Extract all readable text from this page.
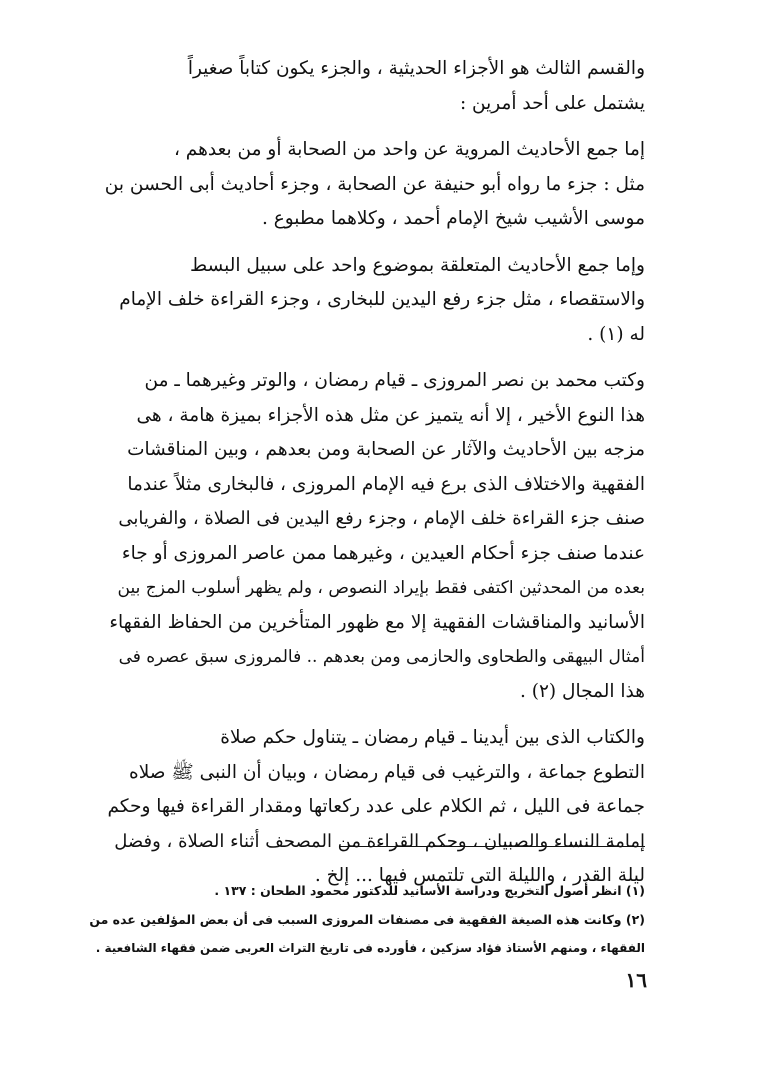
والقسم الثالث هو الأجزاء الحديثية ، والجزء يكون كتاباً صغيراً
يشتمل على أحد أمرين :

إما جمع الأحاديث المروية عن واحد من الصحابة أو من بعدهم ،
مثل : جزء ما رواه أبو حنيفة عن الصحابة ، وجزء أحاديث أبى الحسن بن
موسى الأشيب شيخ الإمام أحمد ، وكلاهما مطبوع .

وإما جمع الأحاديث المتعلقة بموضوع واحد على سبيل البسط
والاستقصاء ، مثل جزء رفع اليدين للبخارى ، وجزء القراءة خلف الإمام
له (١) .

وكتب محمد بن نصر المروزى ـ قيام رمضان ، والوتر وغيرهما ـ من
هذا النوع الأخير ، إلا أنه يتميز عن مثل هذه الأجزاء بميزة هامة ، هى
مزجه بين الأحاديث والآثار عن الصحابة ومن بعدهم ، وبين المناقشات
الفقهية والاختلاف الذى برع فيه الإمام المروزى ، فالبخارى مثلاً عندما
صنف جزء القراءة خلف الإمام ، وجزء رفع اليدين فى الصلاة ، والفريابى
عندما صنف جزء أحكام العيدين ، وغيرهما ممن عاصر المروزى أو جاء
بعده من المحدثين اكتفى فقط بإيراد النصوص ، ولم يظهر أسلوب المزج بين
الأسانيد والمناقشات الفقهية إلا مع ظهور المتأخرين من الحفاظ الفقهاء
أمثال البيهقى والطحاوى والحازمى ومن بعدهم .. فالمروزى سبق عصره فى
هذا المجال (٢) .

والكتاب الذى بين أيدينا ـ قيام رمضان ـ يتناول حكم صلاة
التطوع جماعة ، والترغيب فى قيام رمضان ، وبيان أن النبى ﷺ صلاه
جماعة فى الليل ، ثم الكلام على عدد ركعاتها ومقدار القراءة فيها وحكم
إمامة النساء والصبيان ، وحكم القراءة من المصحف أثناء الصلاة ، وفضل
ليلة القدر ، والليلة التى تلتمس فيها ... إلخ .

(١) انظر أصول التخريج ودراسة الأسانيد للدكتور محمود الطحان : ١٣٧ .
(٢) وكانت هذه الصيغة الفقهية فى مصنفات المروزى السبب فى أن بعض المؤلفين عده من
الفقهاء ، ومنهم الأستاذ فؤاد سزكين ، فأورده فى تاريخ التراث العربى ضمن فقهاء الشافعية .
١٦
